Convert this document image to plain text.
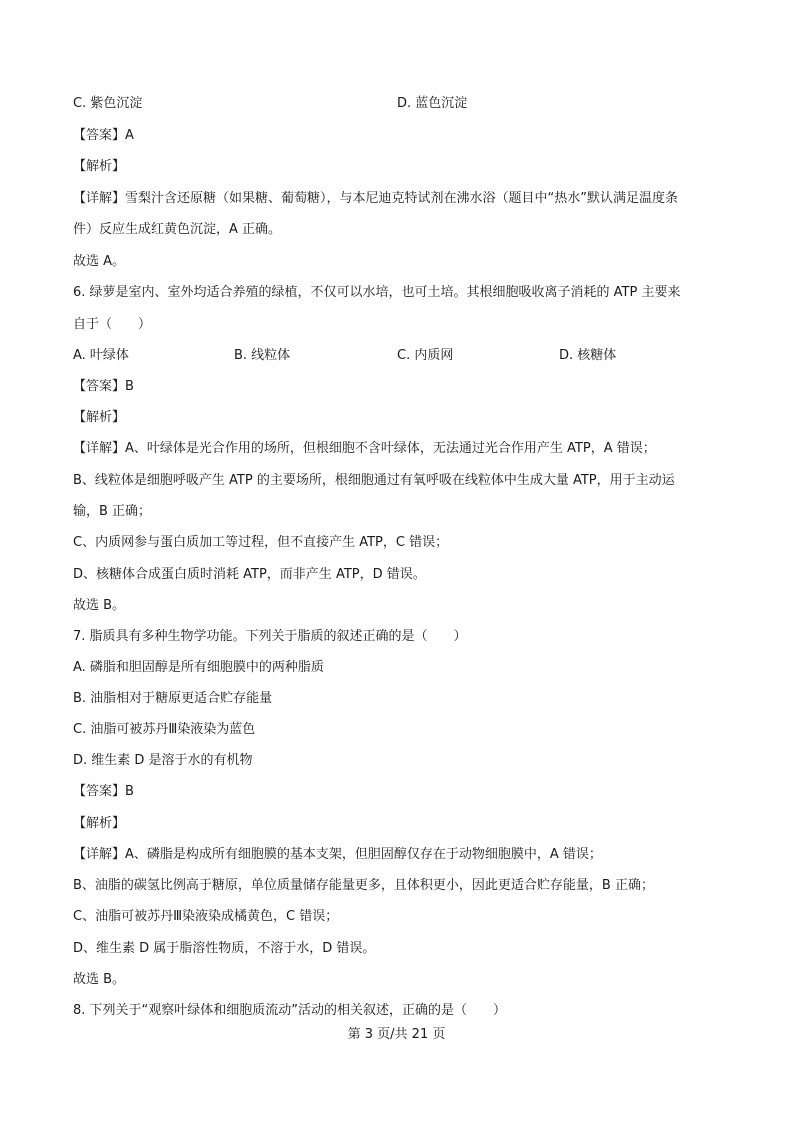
C. 紫色沉淀	D. 蓝色沉淀
【答案】A
【解析】
【详解】雪梨汁含还原糖（如果糖、葡萄糖），与本尼迪克特试剂在沸水浴（题目中“热水”默认满足温度条
件）反应生成红黄色沉淀，A 正确。
故选 A。
6. 绿萝是室内、室外均适合养殖的绿植，不仅可以水培，也可土培。其根细胞吸收离子消耗的 ATP 主要来
自于（　　）
A. 叶绿体	B. 线粒体	C. 内质网	D. 核糖体
【答案】B
【解析】
【详解】A、叶绿体是光合作用的场所，但根细胞不含叶绿体，无法通过光合作用产生 ATP，A 错误；
B、线粒体是细胞呼吸产生 ATP 的主要场所，根细胞通过有氧呼吸在线粒体中生成大量 ATP，用于主动运
输，B 正确；
C、内质网参与蛋白质加工等过程，但不直接产生 ATP，C 错误；
D、核糖体合成蛋白质时消耗 ATP，而非产生 ATP，D 错误。
故选 B。
7. 脂质具有多种生物学功能。下列关于脂质的叙述正确的是（　　）
A. 磷脂和胆固醇是所有细胞膜中的两种脂质
B. 油脂相对于糖原更适合贮存能量
C. 油脂可被苏丹Ⅲ染液染为蓝色
D. 维生素 D 是溶于水的有机物
【答案】B
【解析】
【详解】A、磷脂是构成所有细胞膜的基本支架，但胆固醇仅存在于动物细胞膜中，A 错误；
B、油脂的碳氢比例高于糖原，单位质量储存能量更多，且体积更小，因此更适合贮存能量，B 正确；
C、油脂可被苏丹Ⅲ染液染成橘黄色，C 错误；
D、维生素 D 属于脂溶性物质，不溶于水，D 错误。
故选 B。
8. 下列关于“观察叶绿体和细胞质流动”活动的相关叙述，正确的是（　　）
第 3 页/共 21 页
